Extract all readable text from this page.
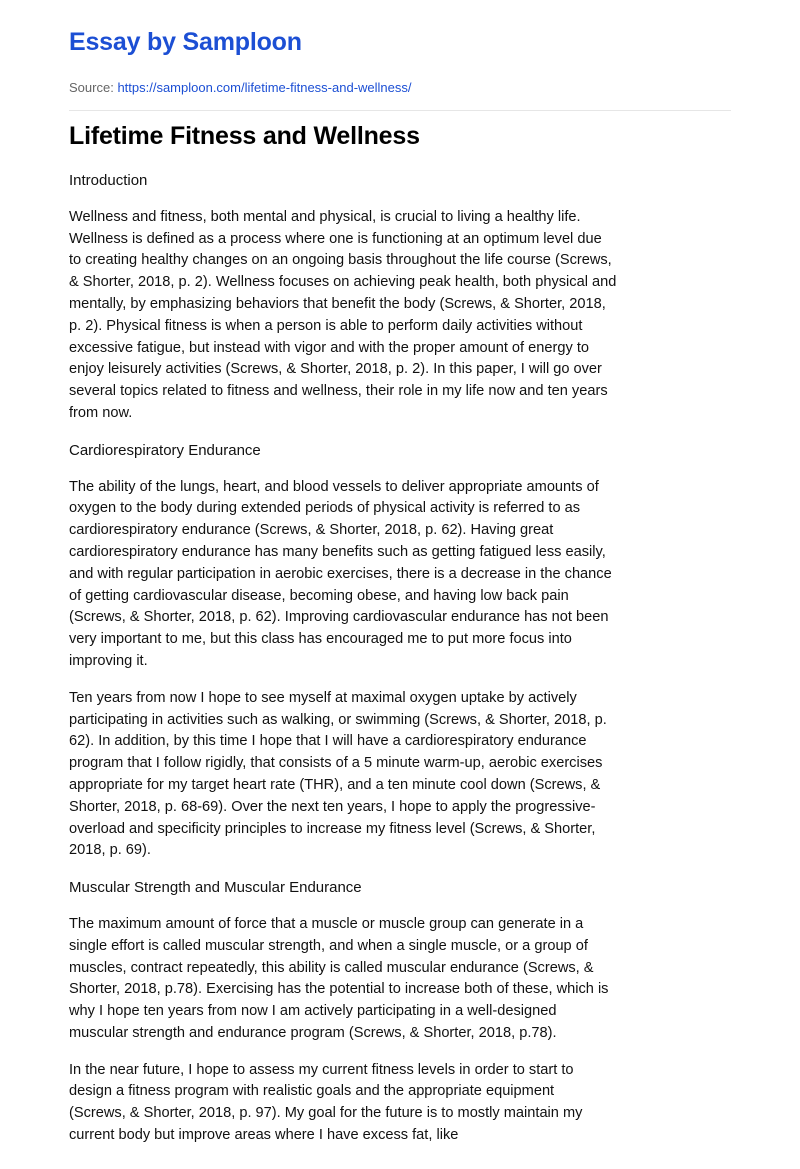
Essay by Samploon
Source: https://samploon.com/lifetime-fitness-and-wellness/
Lifetime Fitness and Wellness
Introduction

Wellness and fitness, both mental and physical, is crucial to living a healthy life.
Wellness is defined as a process where one is functioning at an optimum level due
to creating healthy changes on an ongoing basis throughout the life course (Screws,
& Shorter, 2018, p. 2). Wellness focuses on achieving peak health, both physical and
mentally, by emphasizing behaviors that benefit the body (Screws, & Shorter, 2018,
p. 2). Physical fitness is when a person is able to perform daily activities without
excessive fatigue, but instead with vigor and with the proper amount of energy to
enjoy leisurely activities (Screws, & Shorter, 2018, p. 2). In this paper, I will go over
several topics related to fitness and wellness, their role in my life now and ten years
from now.

Cardiorespiratory Endurance

The ability of the lungs, heart, and blood vessels to deliver appropriate amounts of
oxygen to the body during extended periods of physical activity is referred to as
cardiorespiratory endurance (Screws, & Shorter, 2018, p. 62). Having great
cardiorespiratory endurance has many benefits such as getting fatigued less easily,
and with regular participation in aerobic exercises, there is a decrease in the chance
of getting cardiovascular disease, becoming obese, and having low back pain
(Screws, & Shorter, 2018, p. 62). Improving cardiovascular endurance has not been
very important to me, but this class has encouraged me to put more focus into
improving it.

Ten years from now I hope to see myself at maximal oxygen uptake by actively
participating in activities such as walking, or swimming (Screws, & Shorter, 2018, p.
62). In addition, by this time I hope that I will have a cardiorespiratory endurance
program that I follow rigidly, that consists of a 5 minute warm-up, aerobic exercises
appropriate for my target heart rate (THR), and a ten minute cool down (Screws, &
Shorter, 2018, p. 68-69). Over the next ten years, I hope to apply the progressive-
overload and specificity principles to increase my fitness level (Screws, & Shorter,
2018, p. 69).

Muscular Strength and Muscular Endurance

The maximum amount of force that a muscle or muscle group can generate in a
single effort is called muscular strength, and when a single muscle, or a group of
muscles, contract repeatedly, this ability is called muscular endurance (Screws, &
Shorter, 2018, p.78). Exercising has the potential to increase both of these, which is
why I hope ten years from now I am actively participating in a well-designed
muscular strength and endurance program (Screws, & Shorter, 2018, p.78).

In the near future, I hope to assess my current fitness levels in order to start to
design a fitness program with realistic goals and the appropriate equipment
(Screws, & Shorter, 2018, p. 97). My goal for the future is to mostly maintain my
current body but improve areas where I have excess fat, like
